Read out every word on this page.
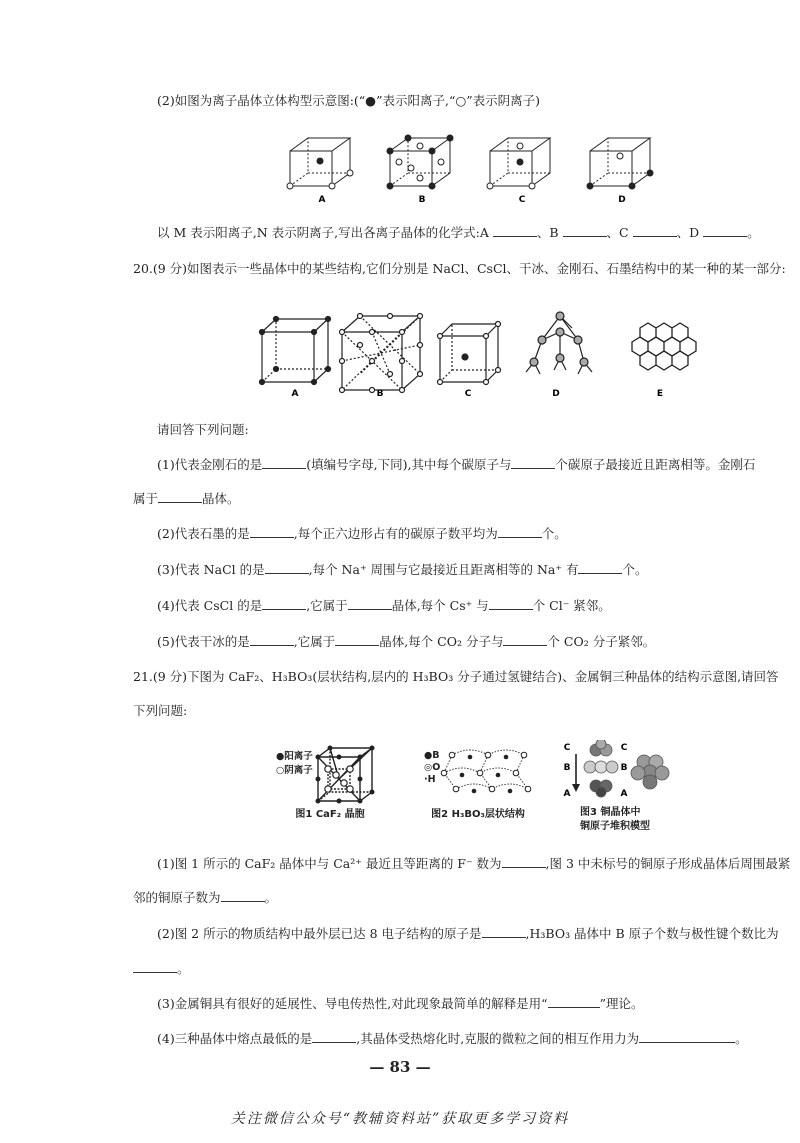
(2)如图为离子晶体立体构型示意图:(“●”表示阳离子,“○”表示阴离子)
A	B	C	D
以 M 表示阳离子,N 表示阴离子,写出各离子晶体的化学式:A	、B	、C	、D	。
20.(9 分)如图表示一些晶体中的某些结构,它们分别是 NaCl、CsCl、干冰、金刚石、石墨结构中的某一种的某一部分:
A	B	C	D	E
请回答下列问题:
(1)代表金刚石的是	(填编号字母,下同),其中每个碳原子与	个碳原子最接近且距离相等。金刚石
属于	晶体。
(2)代表石墨的是	,每个正六边形占有的碳原子数平均为	个。
(3)代表 NaCl 的是	,每个 Na⁺ 周围与它最接近且距离相等的 Na⁺ 有	个。
(4)代表 CsCl 的是	,它属于	晶体,每个 Cs⁺ 与	个 Cl⁻ 紧邻。
(5)代表干冰的是	,它属于	晶体,每个 CO₂ 分子与	个 CO₂ 分子紧邻。
21.(9 分)下图为 CaF₂、H₃BO₃(层状结构,层内的 H₃BO₃ 分子通过氢键结合)、金属铜三种晶体的结构示意图,请回答
下列问题:
●阳离子
○阴离子
图1 CaF₂ 晶胞
●B
◎O
·H
图2 H₃BO₃层状结构
C
B
A
C
B
A
图3 铜晶体中
铜原子堆积模型
(1)图 1 所示的 CaF₂ 晶体中与 Ca²⁺ 最近且等距离的 F⁻ 数为	,图 3 中未标号的铜原子形成晶体后周围最紧
邻的铜原子数为	。
(2)图 2 所示的物质结构中最外层已达 8 电子结构的原子是	,H₃BO₃ 晶体中 B 原子个数与极性键个数比为
。
(3)金属铜具有很好的延展性、导电传热性,对此现象最简单的解释是用“	”理论。
(4)三种晶体中熔点最低的是	,其晶体受热熔化时,克服的微粒之间的相互作用力为	。
— 83 —
关注微信公众号“教辅资料站”获取更多学习资料
